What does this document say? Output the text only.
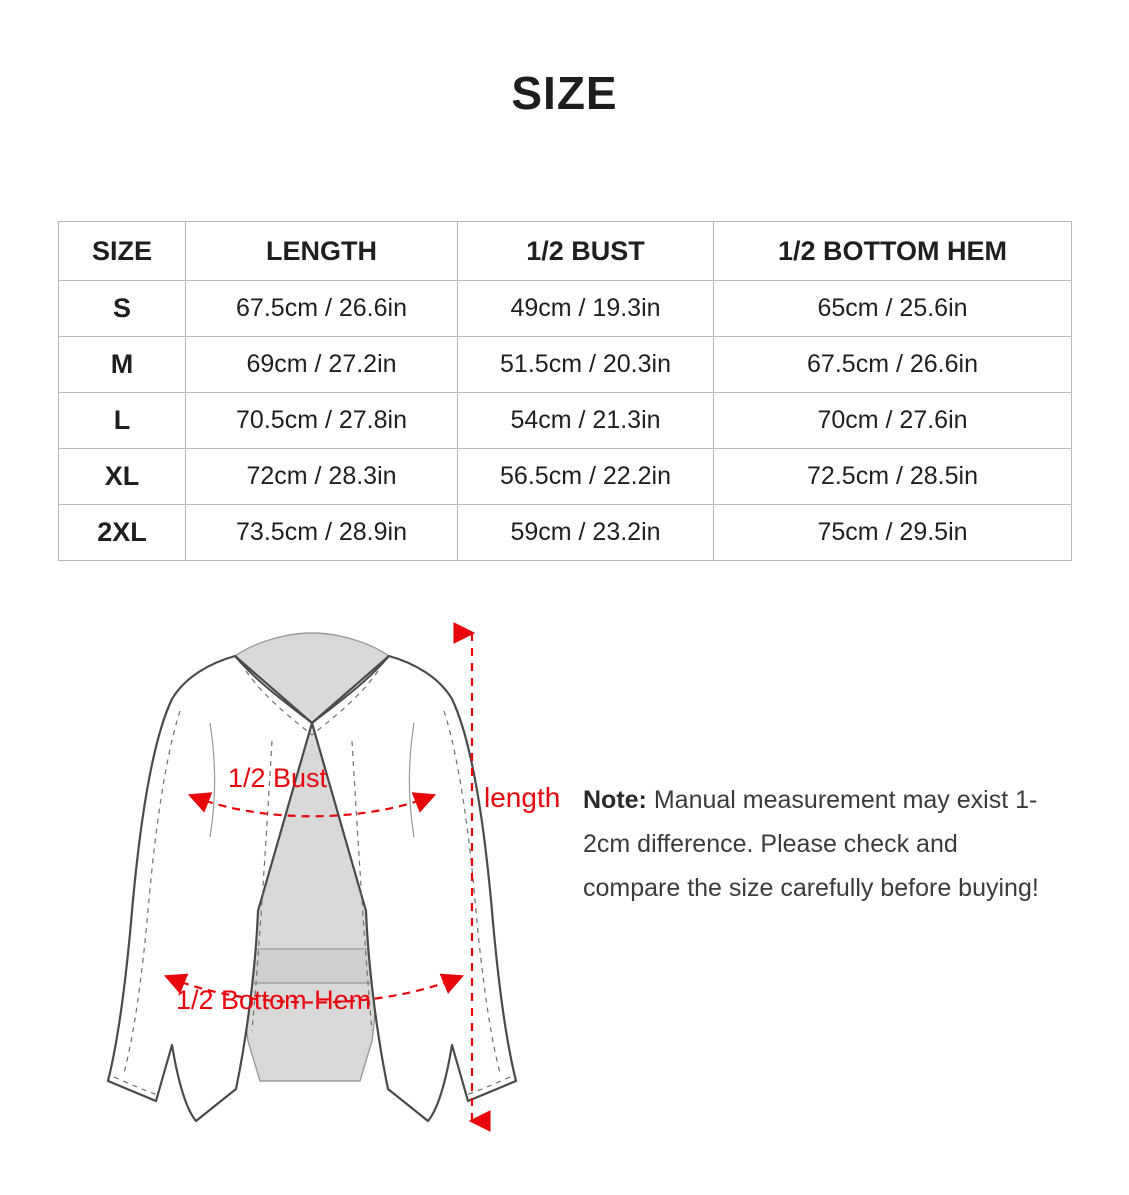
SIZE
SIZE	LENGTH	1/2 BUST	1/2 BOTTOM HEM
S	67.5cm / 26.6in	49cm / 19.3in	65cm / 25.6in
M	69cm / 27.2in	51.5cm / 20.3in	67.5cm / 26.6in
L	70.5cm / 27.8in	54cm / 21.3in	70cm / 27.6in
XL	72cm / 28.3in	56.5cm / 22.2in	72.5cm / 28.5in
2XL	73.5cm / 28.9in	59cm / 23.2in	75cm / 29.5in
1/2 Bust
1/2 Bottom Hem
length Note: Manual measurement may exist 1-2cm difference. Please check and compare the size carefully before buying!
